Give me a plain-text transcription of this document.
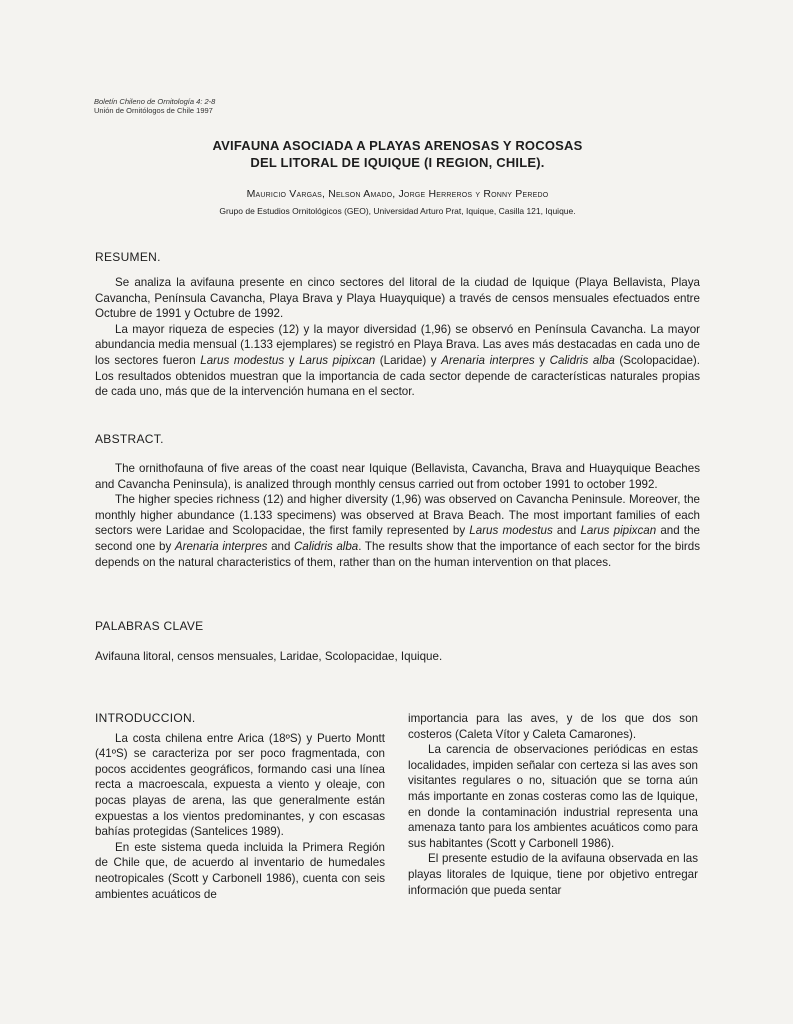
Boletín Chileno de Ornitología 4: 2-8
Unión de Ornitólogos de Chile 1997
AVIFAUNA ASOCIADA A PLAYAS ARENOSAS Y ROCOSAS
DEL LITORAL DE IQUIQUE (I REGION, CHILE).
Mauricio Vargas, Nelson Amado, Jorge Herreros y Ronny Peredo
Grupo de Estudios Ornitológicos (GEO), Universidad Arturo Prat, Iquique, Casilla 121, Iquique.
RESUMEN.

Se analiza la avifauna presente en cinco sectores del litoral de la ciudad de Iquique (Playa Bellavista, Playa Cavancha, Península Cavancha, Playa Brava y Playa Huayquique) a través de censos mensuales efectuados entre Octubre de 1991 y Octubre de 1992.

La mayor riqueza de especies (12) y la mayor diversidad (1,96) se observó en Península Cavancha. La mayor abundancia media mensual (1.133 ejemplares) se registró en Playa Brava. Las aves más destacadas en cada uno de los sectores fueron Larus modestus y Larus pipixcan (Laridae) y Arenaria interpres y Calidris alba (Scolopacidae). Los resultados obtenidos muestran que la importancia de cada sector depende de características naturales propias de cada uno, más que de la intervención humana en el sector.

ABSTRACT.

The ornithofauna of five areas of the coast near Iquique (Bellavista, Cavancha, Brava and Huayquique Beaches and Cavancha Peninsula), is analized through monthly census carried out from october 1991 to october 1992.

The higher species richness (12) and higher diversity (1,96) was observed on Cavancha Peninsule. Moreover, the monthly higher abundance (1.133 specimens) was observed at Brava Beach. The most important families of each sectors were Laridae and Scolopacidae, the first family represented by Larus modestus and Larus pipixcan and the second one by Arenaria interpres and Calidris alba. The results show that the importance of each sector for the birds depends on the natural characteristics of them, rather than on the human intervention on that places.

PALABRAS CLAVE
Avifauna litoral, censos mensuales, Laridae, Scolopacidae, Iquique.

INTRODUCCION.

La costa chilena entre Arica (18ºS) y Puerto Montt (41ºS) se caracteriza por ser poco fragmentada, con pocos accidentes geográficos, formando casi una línea recta a macroescala, expuesta a viento y oleaje, con pocas playas de arena, las que generalmente están expuestas a los vientos predominantes, y con escasas bahías protegidas (Santelices 1989).

En este sistema queda incluida la Primera Región de Chile que, de acuerdo al inventario de humedales neotropicales (Scott y Carbonell 1986), cuenta con seis ambientes acuáticos de

importancia para las aves, y de los que dos son costeros (Caleta Vítor y Caleta Camarones).

La carencia de observaciones periódicas en estas localidades, impiden señalar con certeza si las aves son visitantes regulares o no, situación que se torna aún más importante en zonas costeras como las de Iquique, en donde la contaminación industrial representa una amenaza tanto para los ambientes acuáticos como para sus habitantes (Scott y Carbonell 1986).

El presente estudio de la avifauna observada en las playas litorales de Iquique, tiene por objetivo entregar información que pueda sentar
